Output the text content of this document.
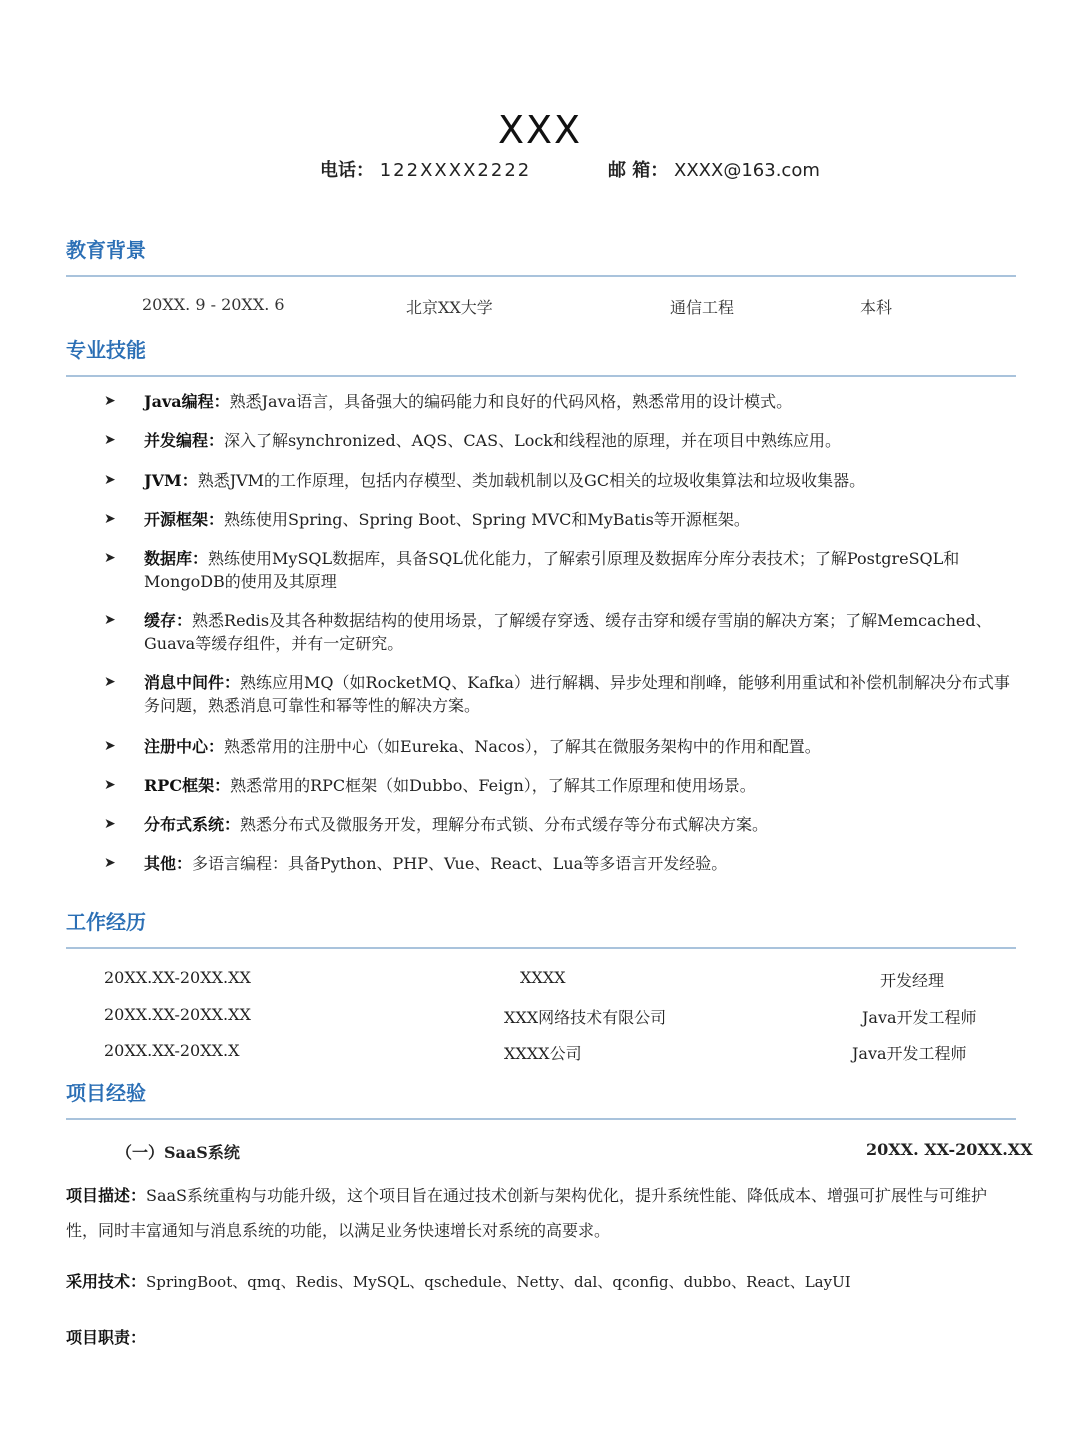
XXX
电话： 122XXXX2222	邮 箱： XXXX@163.com
教育背景
20XX. 9 - 20XX. 6	北京XX大学	通信工程	本科
专业技能
➤ Java编程：熟悉Java语言，具备强大的编码能力和良好的代码风格，熟悉常用的设计模式。
➤ 并发编程：深入了解synchronized、AQS、CAS、Lock和线程池的原理，并在项目中熟练应用。
➤ JVM：熟悉JVM的工作原理，包括内存模型、类加载机制以及GC相关的垃圾收集算法和垃圾收集器。
➤ 开源框架：熟练使用Spring、Spring Boot、Spring MVC和MyBatis等开源框架。
➤ 数据库：熟练使用MySQL数据库，具备SQL优化能力，了解索引原理及数据库分库分表技术；了解PostgreSQL和MongoDB的使用及其原理
➤ 缓存：熟悉Redis及其各种数据结构的使用场景，了解缓存穿透、缓存击穿和缓存雪崩的解决方案；了解Memcached、Guava等缓存组件，并有一定研究。
➤ 消息中间件：熟练应用MQ（如RocketMQ、Kafka）进行解耦、异步处理和削峰，能够利用重试和补偿机制解决分布式事务问题，熟悉消息可靠性和幂等性的解决方案。
➤ 注册中心：熟悉常用的注册中心（如Eureka、Nacos），了解其在微服务架构中的作用和配置。
➤ RPC框架：熟悉常用的RPC框架（如Dubbo、Feign），了解其工作原理和使用场景。
➤ 分布式系统：熟悉分布式及微服务开发，理解分布式锁、分布式缓存等分布式解决方案。
➤ 其他：多语言编程：具备Python、PHP、Vue、React、Lua等多语言开发经验。
工作经历
20XX.XX-20XX.XX	XXXX	开发经理
20XX.XX-20XX.XX	XXX网络技术有限公司	Java开发工程师
20XX.XX-20XX.X	XXXX公司	Java开发工程师
项目经验
（一）SaaS系统	20XX. XX-20XX.XX
项目描述：SaaS系统重构与功能升级，这个项目旨在通过技术创新与架构优化，提升系统性能、降低成本、增强可扩展性与可维护性，同时丰富通知与消息系统的功能，以满足业务快速增长对系统的高要求。
采用技术：SpringBoot、qmq、Redis、MySQL、qschedule、Netty、dal、qconfig、dubbo、React、LayUI
项目职责：
